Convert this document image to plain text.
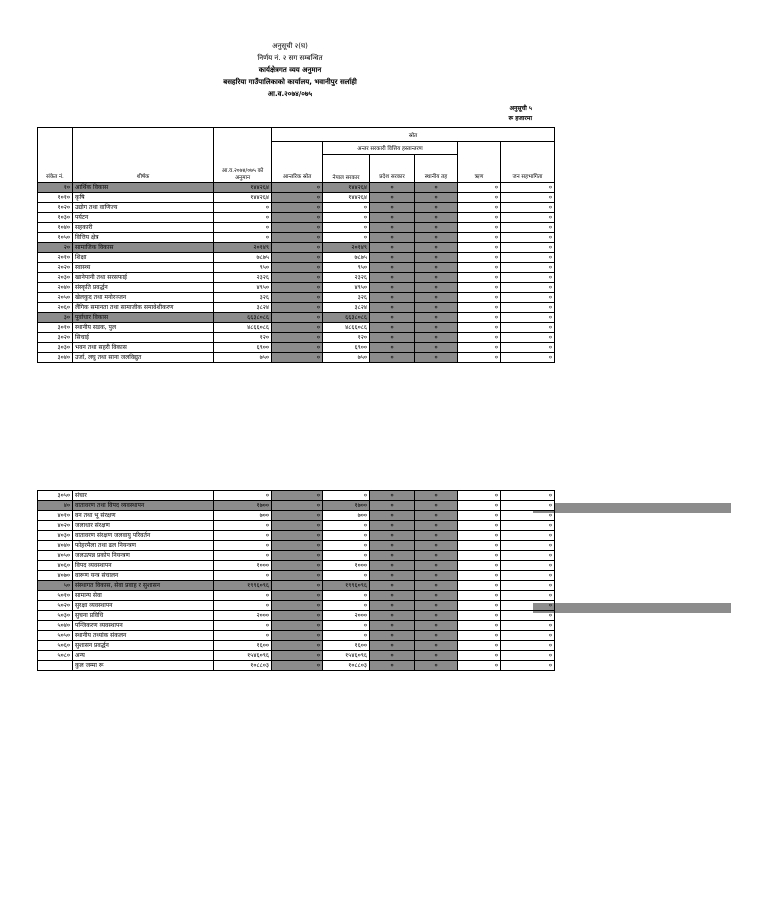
अनुसूची २(घ)
निर्णय नं. २ सग सम्बन्धित
कार्यक्षेत्रगत व्यय अनुमान
बसहरिया गाउँपालिकाको कार्यालय, भवानीपुर सर्लाही
आ.व.२०७४/०७५
अनुसूची ५
रू हजारमा
संकेत नं.	शीर्षक	आ.व.२०७४/०७५ को अनुमान	स्रोत					
			आन्तरिक स्रोत	अन्तर सरकारी वित्तिय हस्तान्तरण			ऋण	जन सहभागिता
				नेपाल सरकार	प्रदेश सरकार	स्थानीय तह		

१०	आर्थिक विकास	१४४२६४	०	१४४२६४	०	०	०	०
१०१०	कृषि	१४४२६४	०	१४४२६४	०	०	०	०
१०२०	उद्योग तथा वाणिज्य	०	०	०	०	०	०	०
१०३०	पर्यटन	०	०	०	०	०	०	०
१०४०	सहकारी	०	०	०	०	०	०	०
१०५०	वित्तिय क्षेत्र	०	०	०	०	०	०	०
२०	सामाजिक विकास	२०१४९	०	२०१४९	०	०	०	०
२०१०	शिक्षा	७८७५	०	७८७५	०	०	०	०
२०२०	स्वास्थ्य	९५०	०	९५०	०	०	०	०
२०३०	खानेपानी तथा सरसफाई	२३२६	०	२३२६	०	०	०	०
२०४०	संस्कृति प्रवर्द्धन	४९५०	०	४९५०	०	०	०	०
२०५०	खेलकुद तथा मनोरञ्जन	३२६	०	३२६	०	०	०	०
२०६०	लैंगिक समानता तथा सामाजीक समावेशीकरण	३८२४	०	३८२४	०	०	०	०
३०	पूर्वाधार विकास	६६३८०८६	०	६६३८०८६	०	०	०	०
३०१०	स्थानीय सडक, पुल	४८६६०८६	०	४८६६०८६	०	०	०	०
३०२०	सिचाई	१२०	०	१२०	०	०	०	०
३०३०	भवन तथा सहरी विकास	६९००	०	६९००	०	०	०	०
३०४०	उर्जा, लघु तथा साना जलविद्युत	७५०	०	७५०	०	०	०	०
३०५०	संचार	०	०	०	०	०	०	०
४०	वातावरण तथा विपद व्यवस्थापन	१७००	०	१७००	०	०	०	०
४०१०	वन तथा भू संरक्षण	७००	०	७००	०	०	०	०
४०२०	जलाधार संरक्षण	०	०	०	०	०	०	०
४०३०	वातावरण संरक्षण जलवायु परिवर्तन	०	०	०	०	०	०	०
४०४०	फोहरमैला तथा ढल नियन्त्रण	०	०	०	०	०	०	०
४०५०	जलउत्पन्न प्रकोप नियन्त्रण	०	०	०	०	०	०	०
४०६०	विपद व्यवस्थापन	१०००	०	१०००	०	०	०	०
४०७०	वारूण यन्त्र संचालन	०	०	०	०	०	०	०
५०	संस्थागत विकास, सेवा प्रवाह र सुशासन	१९९६०९६	०	१९९६०९६	०	०	०	०
५०१०	सामान्य सेवा	०	०	०	०	०	०	०
५०२०	सुरक्षा व्यवस्थापन	०	०	०	०	०	०	०
५०३०	सुचना प्रविधि	२०००	०	२०००	०	०	०	०
५०४०	पन्जिकरण व्यवस्थापन	०	०	०	०	०	०	०
५०५०	स्थानीय तथ्यांक संकलन	०	०	०	०	०	०	०
५०६०	सुशासन प्रवर्द्धन	१६००	०	१६००	०	०	०	०
५०८०	अन्य	१५४६०९६	०	१५४६०९६	०	०	०	०
	कुल जम्मा रू	१०८८०३	०	१०८८०३	०	०	०	०
